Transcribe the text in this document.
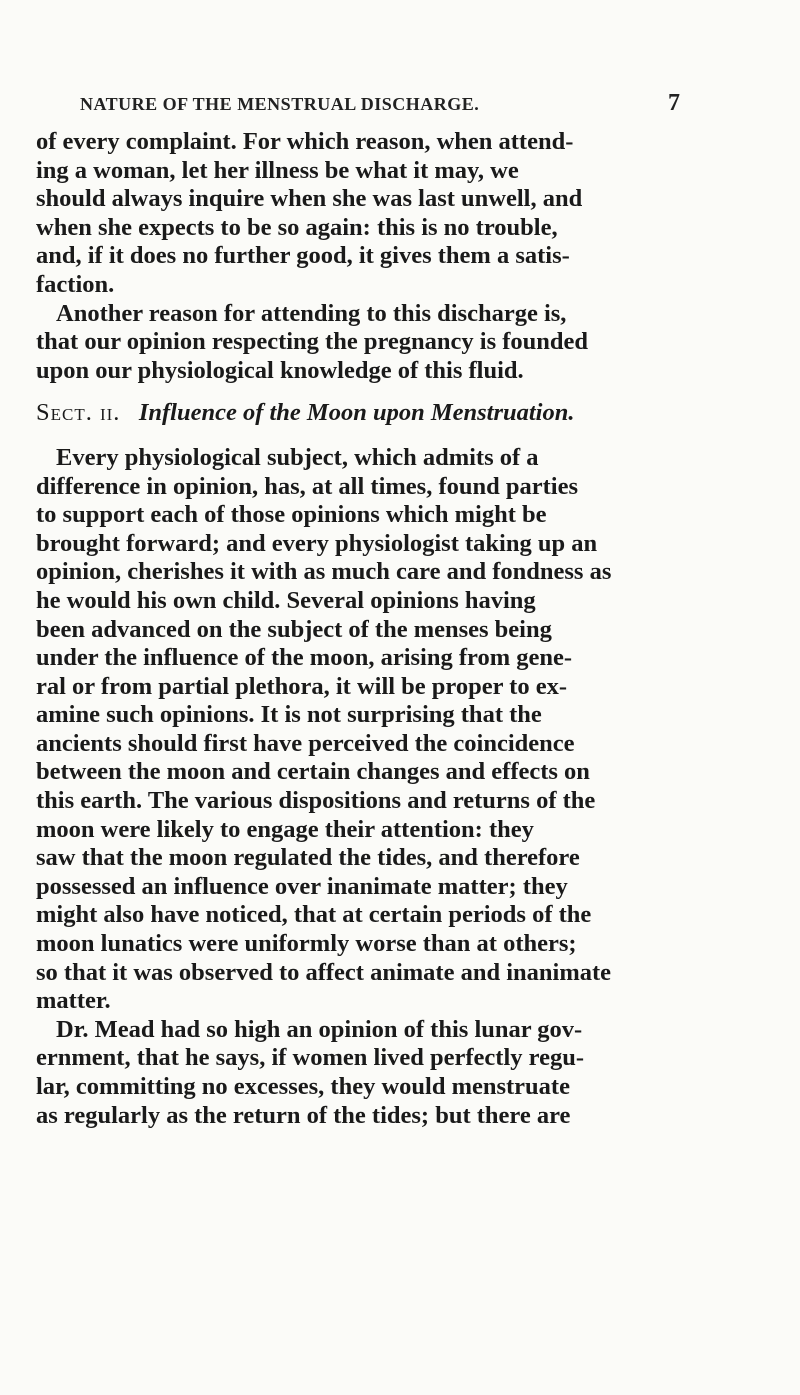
NATURE OF THE MENSTRUAL DISCHARGE.	7

of every complaint. For which reason, when attend-
ing a woman, let her illness be what it may, we
should always inquire when she was last unwell, and
when she expects to be so again: this is no trouble,
and, if it does no further good, it gives them a satis-
faction.

Another reason for attending to this discharge is,
that our opinion respecting the pregnancy is founded
upon our physiological knowledge of this fluid.

Sect. ii. Influence of the Moon upon Menstruation.

Every physiological subject, which admits of a
difference in opinion, has, at all times, found parties
to support each of those opinions which might be
brought forward; and every physiologist taking up an
opinion, cherishes it with as much care and fondness as
he would his own child. Several opinions having
been advanced on the subject of the menses being
under the influence of the moon, arising from gene-
ral or from partial plethora, it will be proper to ex-
amine such opinions. It is not surprising that the
ancients should first have perceived the coincidence
between the moon and certain changes and effects on
this earth. The various dispositions and returns of the
moon were likely to engage their attention: they
saw that the moon regulated the tides, and therefore
possessed an influence over inanimate matter; they
might also have noticed, that at certain periods of the
moon lunatics were uniformly worse than at others;
so that it was observed to affect animate and inanimate
matter.

Dr. Mead had so high an opinion of this lunar gov-
ernment, that he says, if women lived perfectly regu-
lar, committing no excesses, they would menstruate
as regularly as the return of the tides; but there are
